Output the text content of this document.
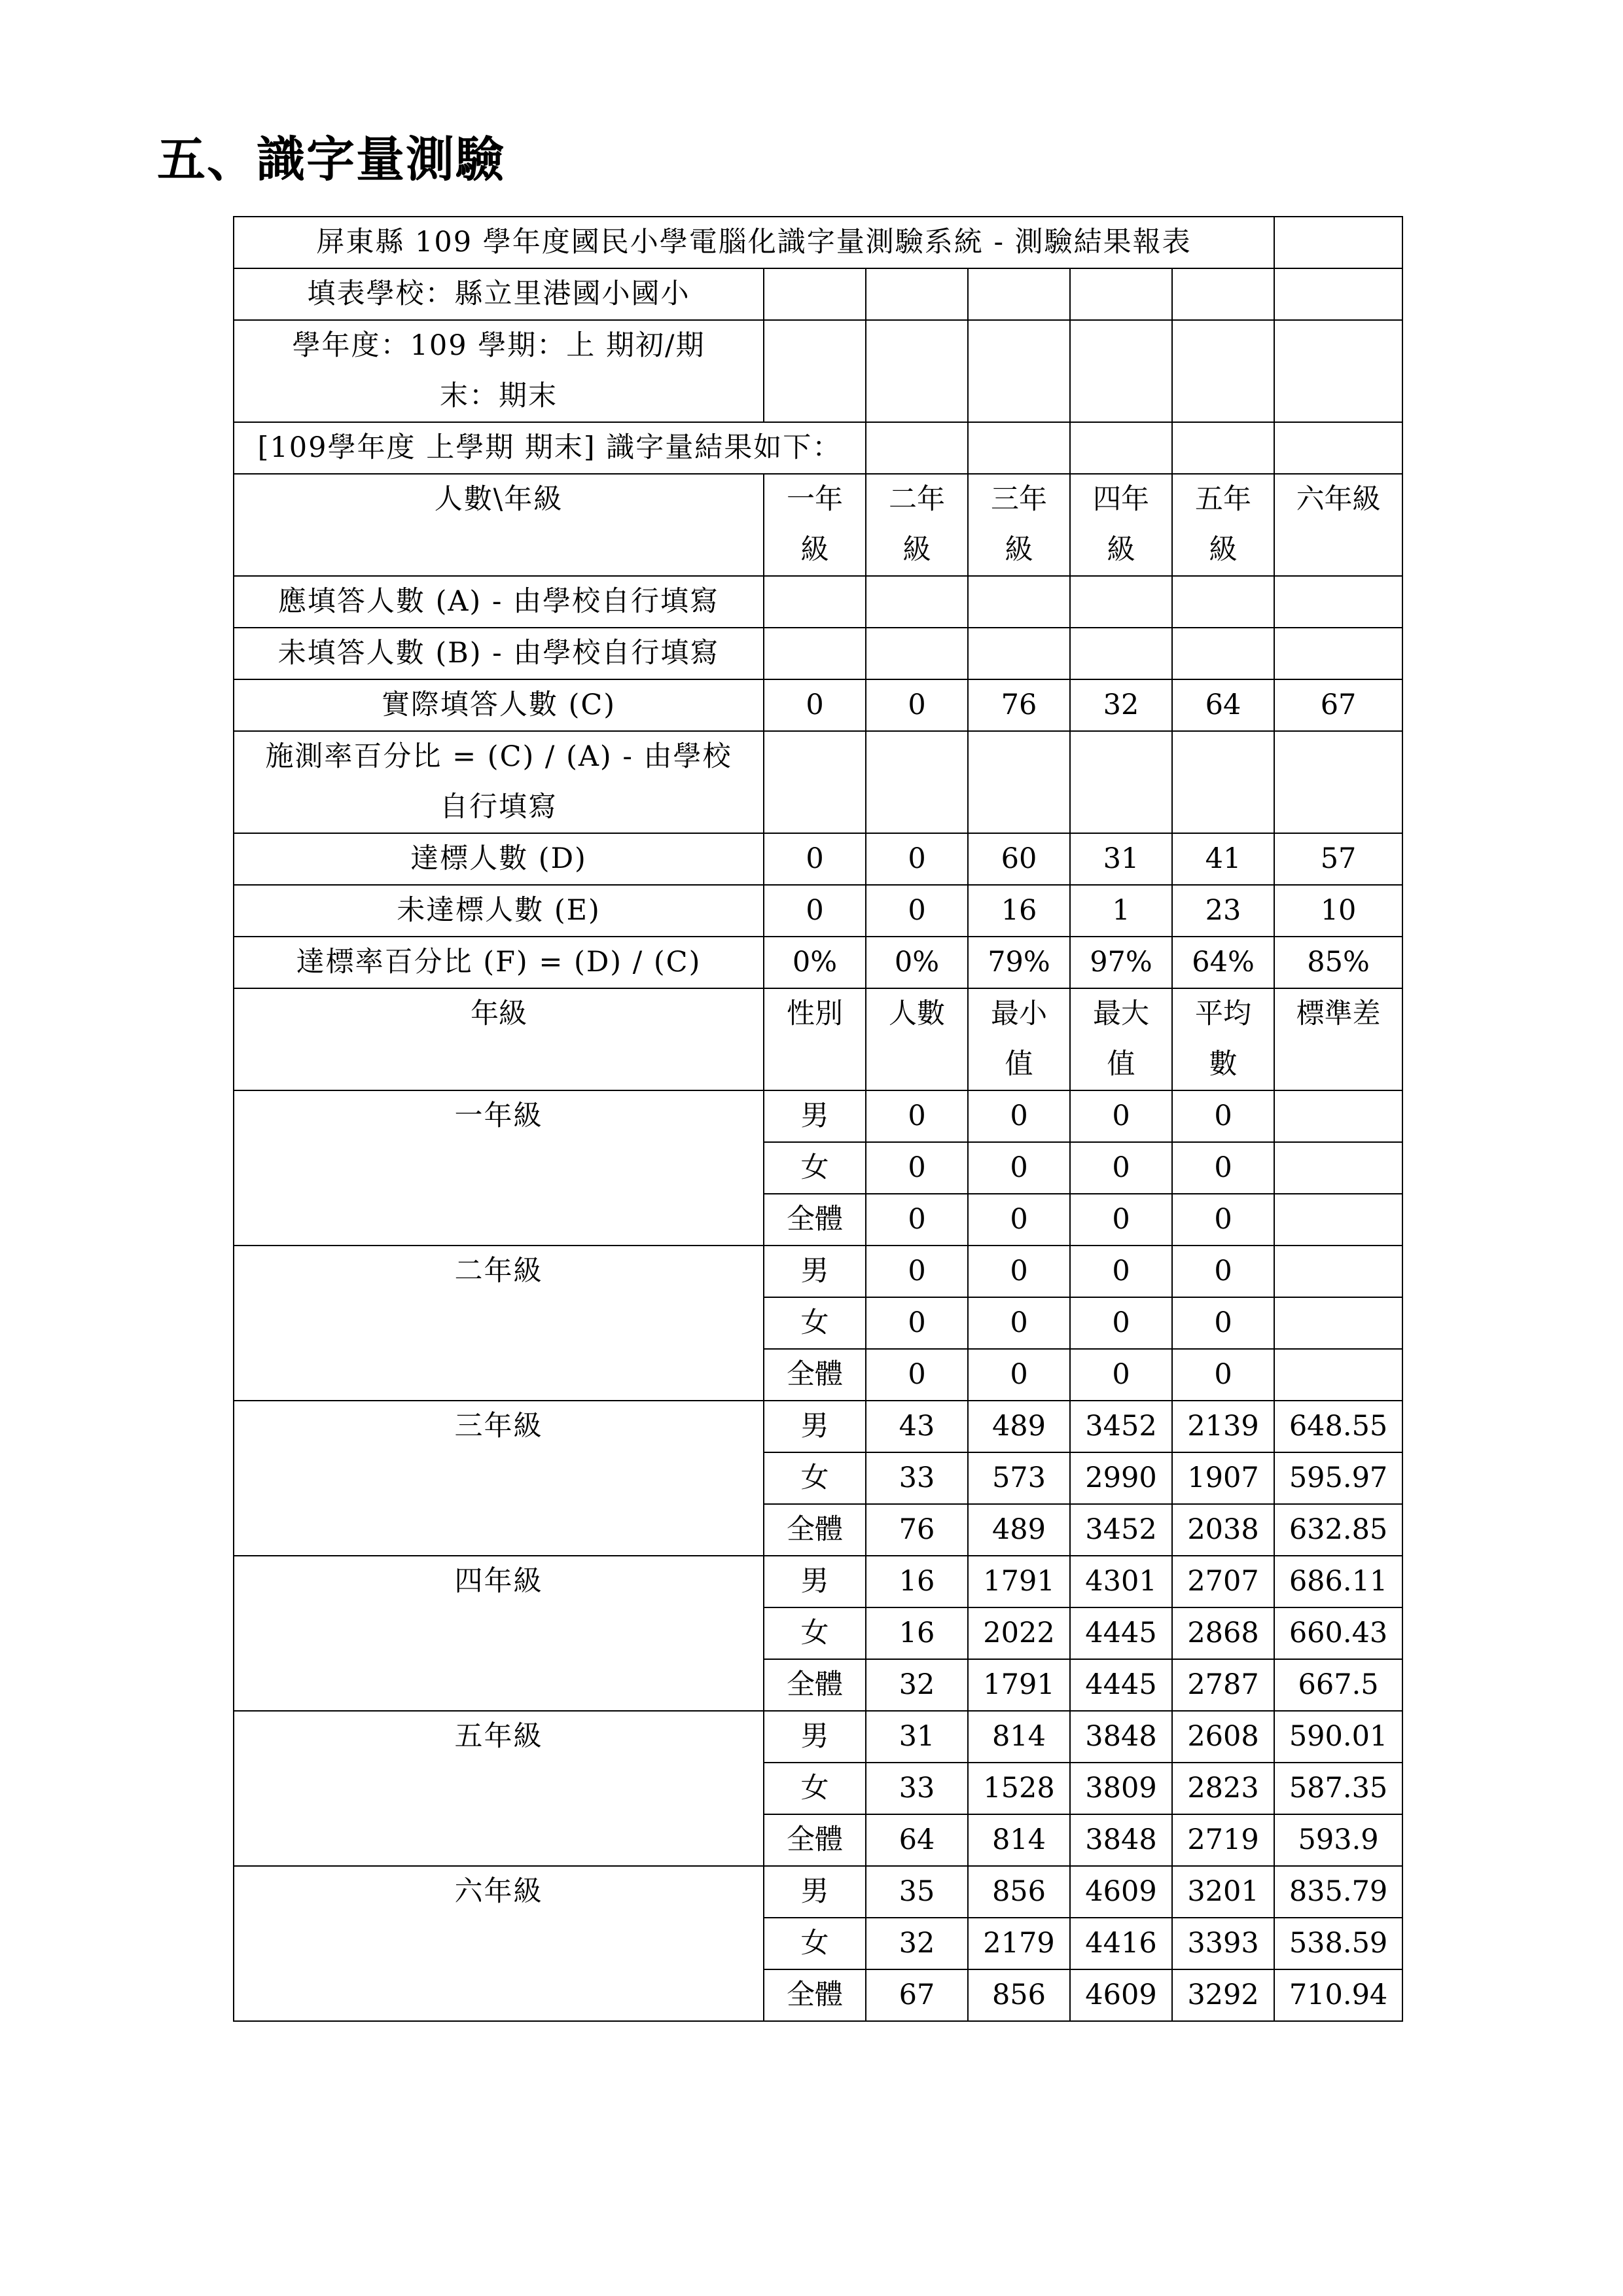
五、識字量測驗
屏東縣 109 學年度國民小學電腦化識字量測驗系統 - 測驗結果報表						
填表學校：縣立里港國小國小						
學年度：109 學期：上 期初/期末：期末						
[109學年度 上學期 期末] 識字量結果如下：						
人數\年級	一年級	二年級	三年級	四年級	五年級	六年級
應填答人數 (A) - 由學校自行填寫						
未填答人數 (B) - 由學校自行填寫						
實際填答人數 (C)	0	0	76	32	64	67
施測率百分比 = (C) / (A) - 由學校自行填寫						
達標人數 (D)	0	0	60	31	41	57
未達標人數 (E)	0	0	16	1	23	10
達標率百分比 (F) = (D) / (C)	0%	0%	79%	97%	64%	85%
年級	性別	人數	最小值	最大值	平均數	標準差
一年級	男	0	0	0	0	
	女	0	0	0	0	
	全體	0	0	0	0	
二年級	男	0	0	0	0	
	女	0	0	0	0	
	全體	0	0	0	0	
三年級	男	43	489	3452	2139	648.55
	女	33	573	2990	1907	595.97
	全體	76	489	3452	2038	632.85
四年級	男	16	1791	4301	2707	686.11
	女	16	2022	4445	2868	660.43
	全體	32	1791	4445	2787	667.5
五年級	男	31	814	3848	2608	590.01
	女	33	1528	3809	2823	587.35
	全體	64	814	3848	2719	593.9
六年級	男	35	856	4609	3201	835.79
	女	32	2179	4416	3393	538.59
	全體	67	856	4609	3292	710.94
